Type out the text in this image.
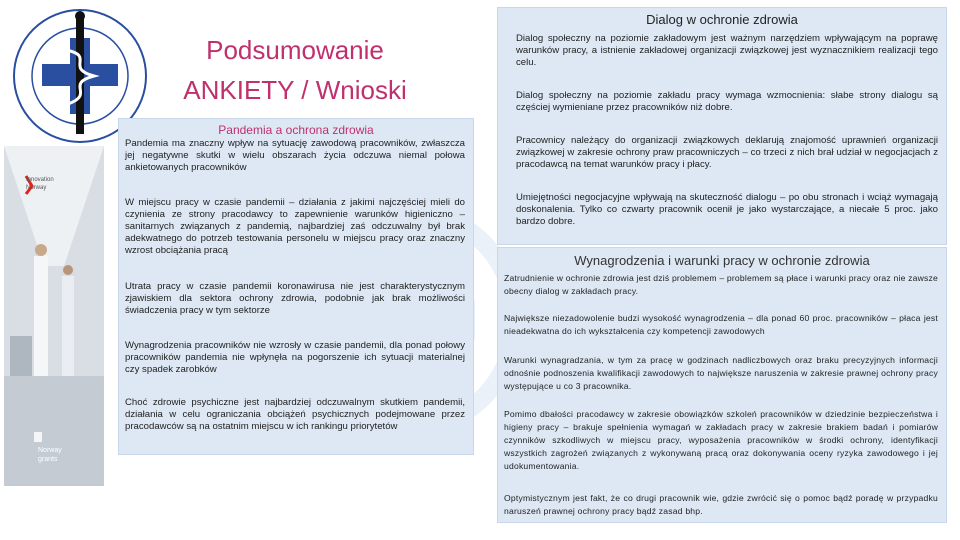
Podsumowanie
ANKIETY / Wnioski
Innovation
Norway
Norway
grants
Pandemia a ochrona zdrowia
Pandemia ma znaczny wpływ na sytuację zawodową pracowników, zwłaszcza jej negatywne skutki w wielu obszarach życia odczuwa niemal połowa ankietowanych pracowników
W miejscu pracy w czasie pandemii – działania z jakimi najczęściej mieli do czynienia ze strony pracodawcy to zapewnienie warunków higieniczno – sanitarnych związanych z pandemią, najbardziej zaś odczuwalny był brak adekwatnego do potrzeb testowania personelu w miejscu pracy oraz znaczny wzrost obciążania pracą
Utrata pracy w czasie pandemii koronawirusa nie jest charakterystycznym zjawiskiem dla sektora ochrony zdrowia, podobnie jak brak możliwości świadczenia pracy w tym sektorze
Wynagrodzenia pracowników nie wzrosły w czasie pandemii, dla ponad połowy pracowników pandemia nie wpłynęła na pogorszenie ich sytuacji materialnej czy spadek zarobków
Choć zdrowie psychiczne jest najbardziej odczuwalnym skutkiem pandemii, działania w celu ograniczania obciążeń psychicznych podejmowane przez pracodawców są na ostatnim miejscu w ich rankingu priorytetów
Dialog w ochronie zdrowia
Dialog społeczny na poziomie zakładowym jest ważnym narzędziem wpływającym na poprawę warunków pracy, a istnienie zakładowej organizacji związkowej jest wyznacznikiem realizacji tego celu.
Dialog społeczny na poziomie zakładu pracy wymaga wzmocnienia: słabe strony dialogu są częściej wymieniane przez pracowników niż dobre.
Pracownicy należący do organizacji związkowych deklarują znajomość uprawnień organizacji związkowej w zakresie ochrony praw pracowniczych – co trzeci z nich brał udział w negocjacjach z pracodawcą na temat warunków pracy i płacy.
Umiejętności negocjacyjne wpływają na skuteczność dialogu – po obu stronach i wciąż wymagają doskonalenia. Tylko co czwarty pracownik ocenił je jako wystarczające, a niecałe 5 proc. jako bardzo dobre.
Wynagrodzenia i warunki pracy w ochronie zdrowia
Zatrudnienie w ochronie zdrowia jest dziś problemem – problemem są płace i warunki pracy oraz nie zawsze obecny dialog w zakładach pracy.
Największe niezadowolenie budzi wysokość wynagrodzenia – dla ponad 60 proc. pracowników – płaca jest nieadekwatna do ich wykształcenia czy kompetencji zawodowych
Warunki wynagradzania, w tym za pracę w godzinach nadliczbowych oraz braku precyzyjnych informacji odnośnie podnoszenia kwalifikacji zawodowych to największe naruszenia w zakresie prawnej ochrony pracy występujące u co 3 pracownika.
Pomimo dbałości pracodawcy w zakresie obowiązków szkoleń pracowników w dziedzinie bezpieczeństwa i higieny pracy – brakuje spełnienia wymagań w zakładach pracy w zakresie brakiem badań i pomiarów czynników szkodliwych w miejscu pracy, wyposażenia pracowników w środki ochrony, identyfikacji wszystkich zagrożeń związanych z wykonywaną pracą oraz dokonywania oceny ryzyka zawodowego i jej udokumentowania.
Optymistycznym jest fakt, że co drugi pracownik wie, gdzie zwrócić się o pomoc bądź poradę w przypadku naruszeń prawnej ochrony pracy bądź zasad bhp.
